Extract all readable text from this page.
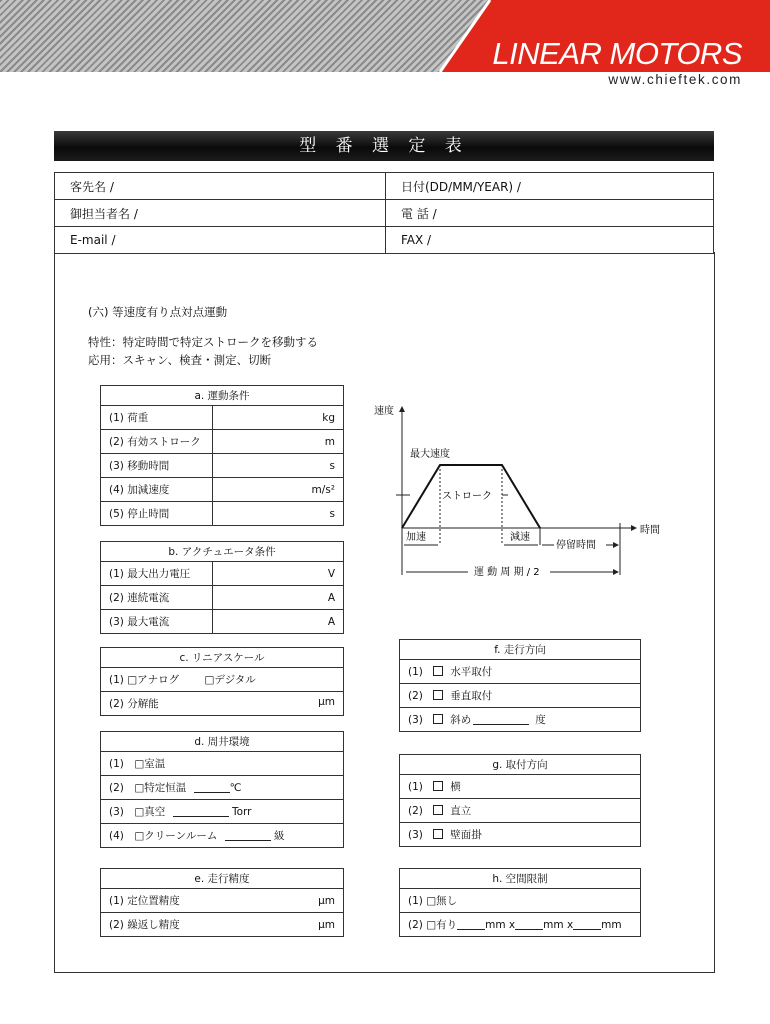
LINEAR MOTORS
www.chieftek.com
型 番 選 定 表
客先名 /	日付(DD/MM/YEAR) /
御担当者名 /	電 話 /
E-mail /	FAX /
(六) 等速度有り点対点運動
特性：特定時間で特定ストロークを移動する
応用：スキャン、検査・測定、切断
a. 運動条件	
(1) 荷重	kg
(2) 有効ストローク	m
(3) 移動時間	s
(4) 加減速度	m/s²
(5) 停止時間	s
b. アクチュエータ条件	
(1) 最大出力電圧	V
(2) 連続電流	A
(3) 最大電流	A
c. リニアスケール
(1) □アナログ □デジタル
(2) 分解能	μm
d. 周井環境
(1)　□室温
(2)　□特定恒温	℃
(3)　□真空	Torr
(4)　□クリーンルーム	級
e. 走行精度	
(1) 定位置精度	μm
(2) 繰返し精度	μm
f. 走行方向
(1)	水平取付
(2)	垂直取付
(3)	斜め	度
g. 取付方向
(1)	横
(2)	直立
(3)	壁面掛
h. 空間限制
(1) □無し
(2) □有り	mm x	mm x	mm
速度
時間
最大速度
ストローク
加速	減速
停留時間
運 動 周 期 / 2
